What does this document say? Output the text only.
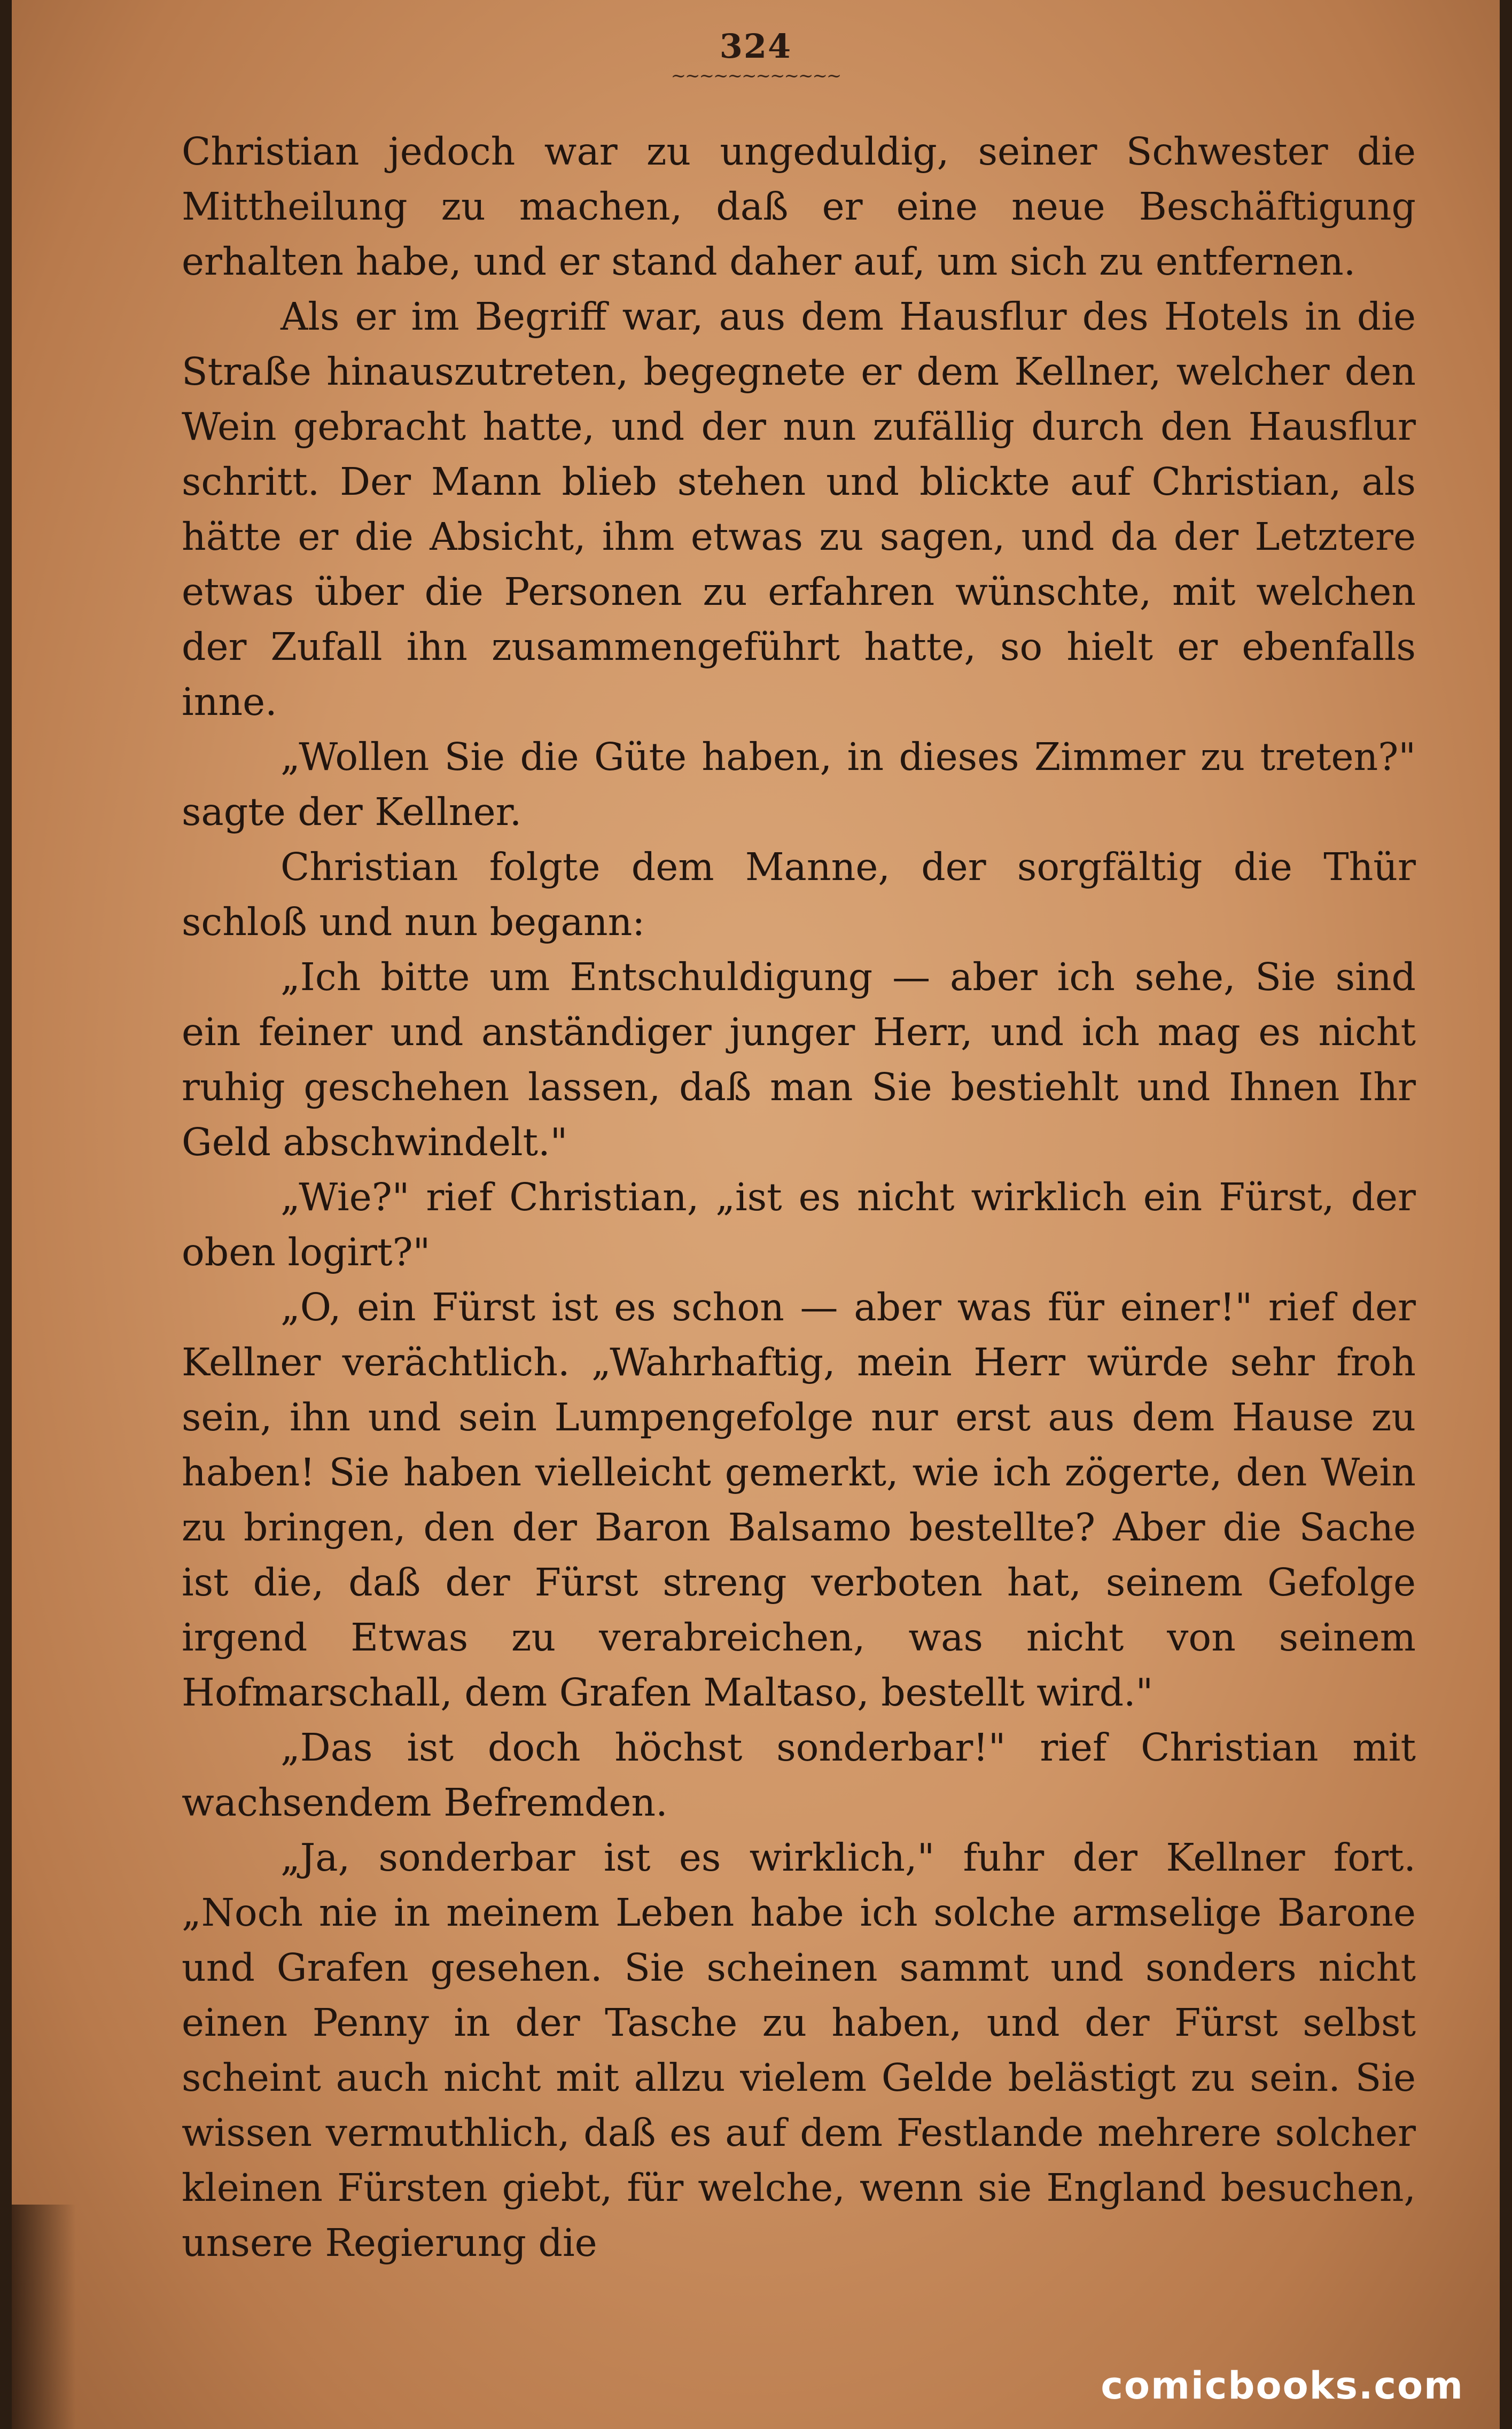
324
~~~~~~~~~~~~

Christian jedoch war zu ungeduldig, seiner Schwester die Mittheilung zu machen, daß er eine neue Beschäftigung erhalten habe, und er stand daher auf, um sich zu entfernen.

Als er im Begriff war, aus dem Hausflur des Hotels in die Straße hinauszutreten, begegnete er dem Kellner, welcher den Wein gebracht hatte, und der nun zufällig durch den Hausflur schritt. Der Mann blieb stehen und blickte auf Christian, als hätte er die Absicht, ihm etwas zu sagen, und da der Letztere etwas über die Personen zu erfahren wünschte, mit welchen der Zufall ihn zusammengeführt hatte, so hielt er ebenfalls inne.

„Wollen Sie die Güte haben, in dieses Zimmer zu treten?" sagte der Kellner.

Christian folgte dem Manne, der sorgfältig die Thür schloß und nun begann:

„Ich bitte um Entschuldigung — aber ich sehe, Sie sind ein feiner und anständiger junger Herr, und ich mag es nicht ruhig geschehen lassen, daß man Sie bestiehlt und Ihnen Ihr Geld abschwindelt."

„Wie?" rief Christian, „ist es nicht wirklich ein Fürst, der oben logirt?"

„O, ein Fürst ist es schon — aber was für einer!" rief der Kellner verächtlich. „Wahrhaftig, mein Herr würde sehr froh sein, ihn und sein Lumpengefolge nur erst aus dem Hause zu haben! Sie haben vielleicht gemerkt, wie ich zögerte, den Wein zu bringen, den der Baron Balsamo bestellte? Aber die Sache ist die, daß der Fürst streng verboten hat, seinem Gefolge irgend Etwas zu verabreichen, was nicht von seinem Hofmarschall, dem Grafen Maltaso, bestellt wird."

„Das ist doch höchst sonderbar!" rief Christian mit wachsendem Befremden.

„Ja, sonderbar ist es wirklich," fuhr der Kellner fort. „Noch nie in meinem Leben habe ich solche armselige Barone und Grafen gesehen. Sie scheinen sammt und sonders nicht einen Penny in der Tasche zu haben, und der Fürst selbst scheint auch nicht mit allzu vielem Gelde belästigt zu sein. Sie wissen vermuthlich, daß es auf dem Festlande mehrere solcher kleinen Fürsten giebt, für welche, wenn sie England besuchen, unsere Regierung die

comicbooks.com
